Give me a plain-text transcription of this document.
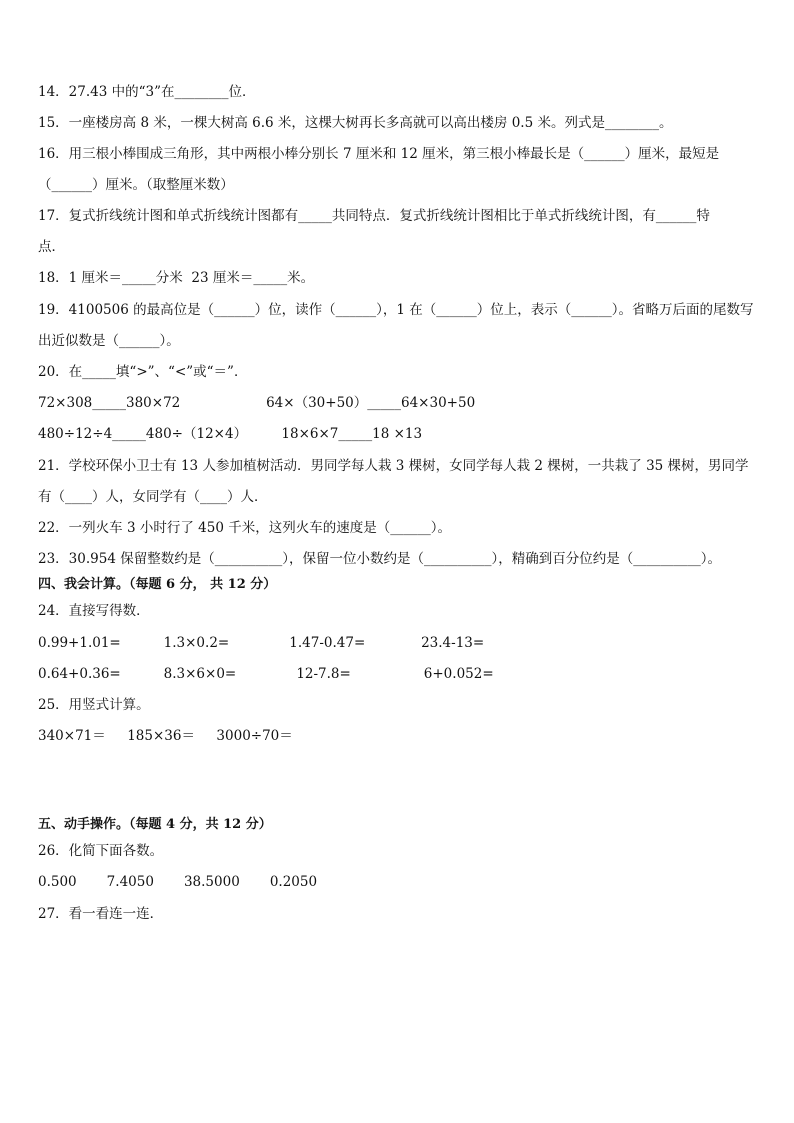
14．27.43 中的“3”在________位．
15．一座楼房高 8 米，一棵大树高 6.6 米，这棵大树再长多高就可以高出楼房 0.5 米。列式是________。
16．用三根小棒围成三角形，其中两根小棒分别长 7 厘米和 12 厘米，第三根小棒最长是（______）厘米，最短是
（______）厘米。（取整厘米数）
17．复式折线统计图和单式折线统计图都有_____共同特点．复式折线统计图相比于单式折线统计图，有______特
点．
18．1 厘米＝_____分米  23 厘米＝_____米。
19．4100506 的最高位是（______）位，读作（______），1 在（______）位上，表示（______）。省略万后面的尾数写
出近似数是（______）。
20．在_____填“>”、“<”或“＝”．
72×308_____380×72                    64×（30+50）_____64×30+50
480÷12÷4_____480÷（12×4）        18×6×7_____18 ×13
21．学校环保小卫士有 13 人参加植树活动．男同学每人栽 3 棵树，女同学每人栽 2 棵树，一共栽了 35 棵树，男同学
有（____）人，女同学有（____）人．
22．一列火车 3 小时行了 450 千米，这列火车的速度是（______）。
23．30.954 保留整数约是（__________），保留一位小数约是（__________），精确到百分位约是（__________）。
四、我会计算。（每题 6 分， 共 12 分）
24．直接写得数．
0.99+1.01=          1.3×0.2=              1.47-0.47=             23.4-13=
0.64+0.36=          8.3×6×0=              12-7.8=                 6+0.052=
25．用竖式计算。
340×71＝     185×36＝     3000÷70＝
五、动手操作。（每题 4 分，共 12 分）
26．化简下面各数。
0.500       7.4050       38.5000       0.2050
27．看一看连一连．
